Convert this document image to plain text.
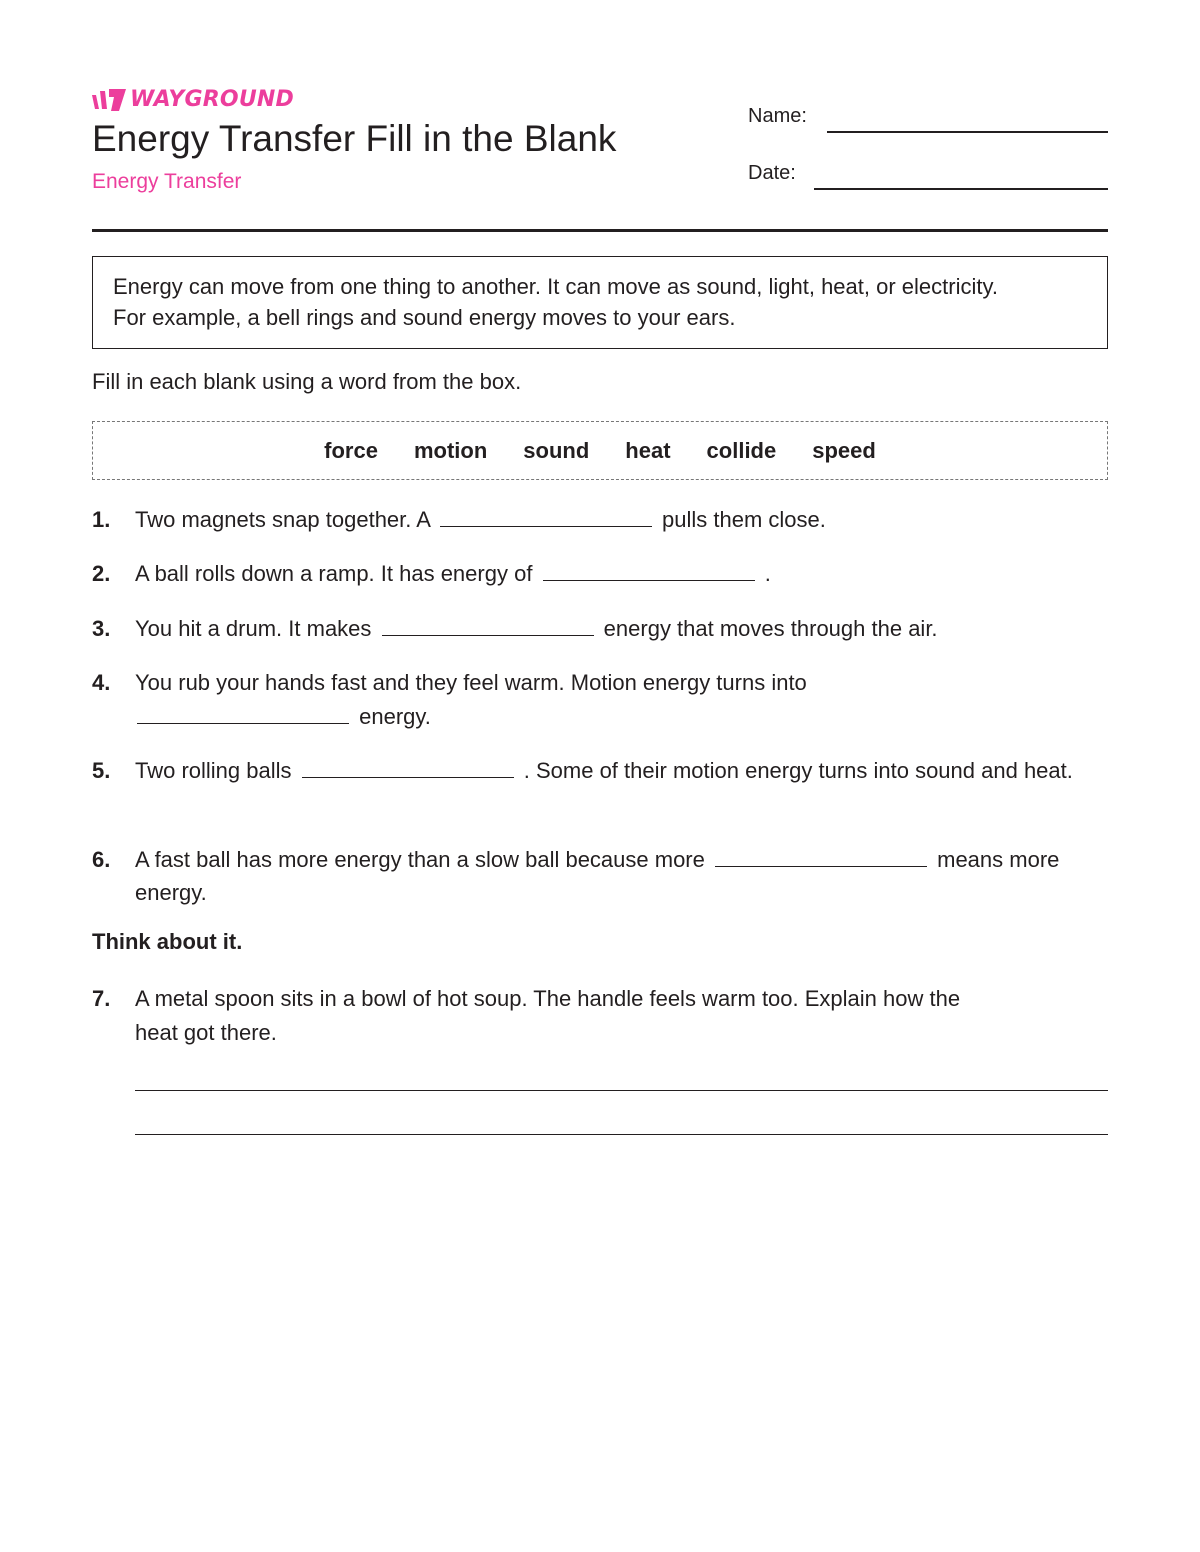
WAYGROUND
Energy Transfer Fill in the Blank
Energy Transfer
Name:
Date:
Energy can move from one thing to another. It can move as sound, light, heat, or electricity.
For example, a bell rings and sound energy moves to your ears.
Fill in each blank using a word from the box.
force motion sound heat collide speed
1. Two magnets snap together. A	pulls them close.
2. A ball rolls down a ramp. It has energy of	.
3. You hit a drum. It makes	energy that moves through the air.
4. You rub your hands fast and they feel warm. Motion energy turns into
energy.
5. Two rolling balls	. Some of their motion energy turns into sound and heat.
6. A fast ball has more energy than a slow ball because more	means more energy.
Think about it.
7. A metal spoon sits in a bowl of hot soup. The handle feels warm too. Explain how the
heat got there.
